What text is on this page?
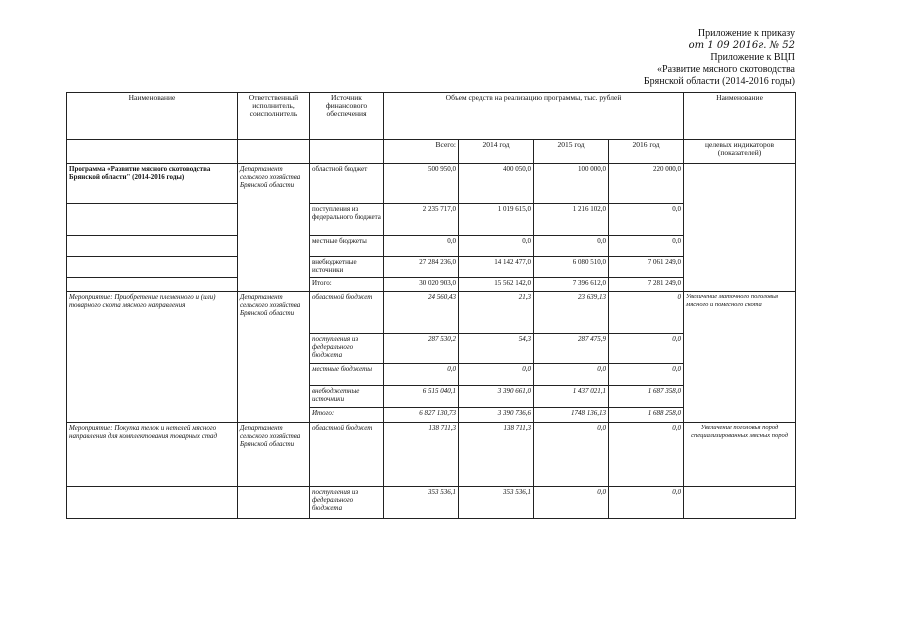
Приложение к приказу
от 1 09 2016г. № 52
Приложение к ВЦП
«Развитие мясного скотоводства
Брянской области (2014-2016 годы)
Наименование	Ответственный исполнитель, соисполнитель	Источник финансового обеспечения	Объем средств на реализацию программы, тыс. рублей				Наименование
			Всего:	2014 год	2015 год	2016 год	целевых индикаторов (показателей)
Программа «Развитие мясного скотоводства Брянской области" (2014-2016 годы)	Департамент сельского хозяйства Брянской области	областной бюджет	500 950,0	400 050,0	100 000,0	220 000,0	
		поступления из федерального бюджета	2 235 717,0	1 019 615,0	1 216 102,0	0,0	
		местные бюджеты	0,0	0,0	0,0	0,0	
		внебюджетные источники	27 284 236,0	14 142 477,0	6 080 510,0	7 061 249,0	
		Итого:	30 020 903,0	15 562 142,0	7 396 612,0	7 281 249,0	
Мероприятие: Приобретение племенного и (или) товарного скота мясного направления	Департамент сельского хозяйства Брянской области	областной бюджет	24 560,43	21,3	23 639,13	0	Увеличение маточного поголовья мясного и помесного скота
		поступления из федерального бюджета	287 530,2	54,3	287 475,9	0,0	
		местные бюджеты	0,0	0,0	0,0	0,0	
		внебюджетные источники	6 515 040,1	3 390 661,0	1 437 021,1	1 687 358,0	
		Итого:	6 827 130,73	3 390 736,6	1748 136,13	1 688 258,0	
Мероприятие: Покупка телок и нетелей мясного направления для комплектования товарных стад	Департамент сельского хозяйства Брянской области	областной бюджет	138 711,3	138 711,3	0,0	0,0	Увеличение поголовья пород специализированных мясных пород
		поступления из федерального бюджета	353 536,1	353 536,1	0,0	0,0	
